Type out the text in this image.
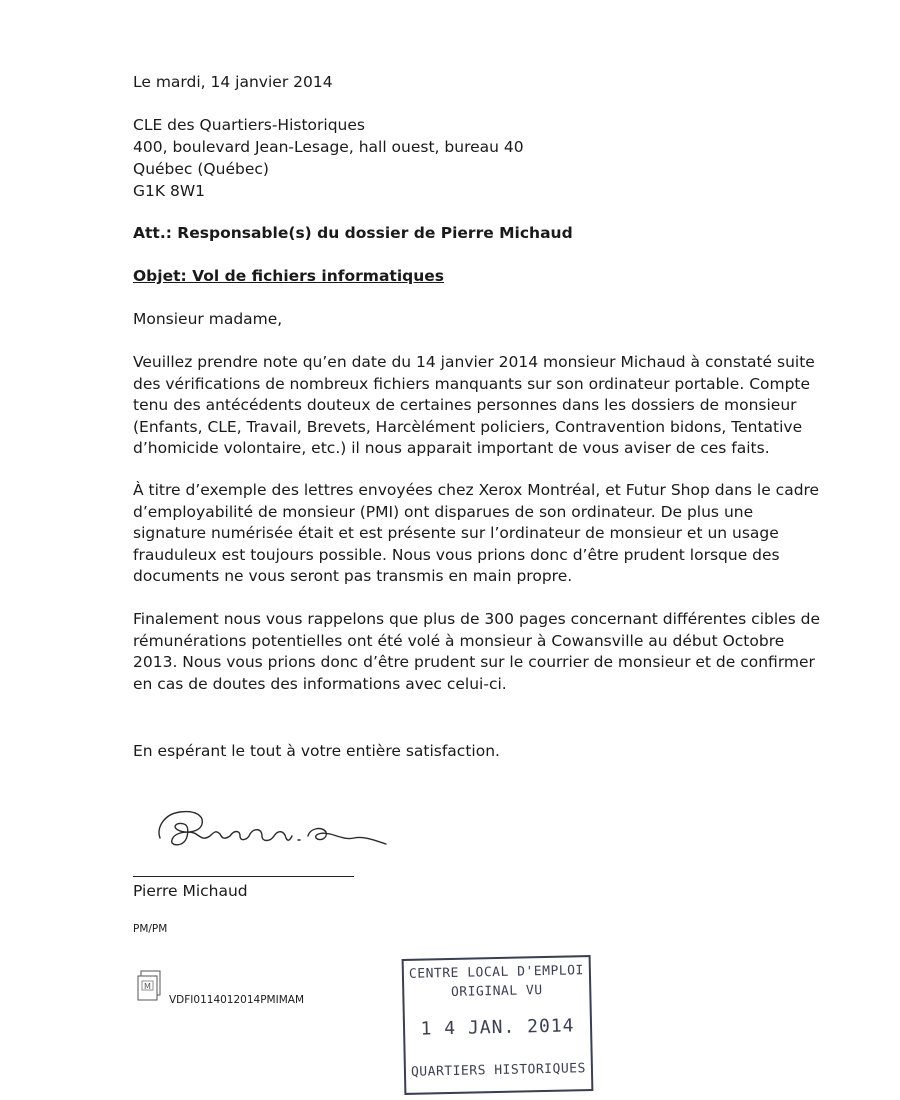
Le mardi, 14 janvier 2014
CLE des Quartiers-Historiques
400, boulevard Jean-Lesage, hall ouest, bureau 40
Québec (Québec)
G1K 8W1
Att.: Responsable(s) du dossier de Pierre Michaud
Objet: Vol de fichiers informatiques
Monsieur madame,
Veuillez prendre note qu’en date du 14 janvier 2014 monsieur Michaud à constaté suite
des vérifications de nombreux fichiers manquants sur son ordinateur portable. Compte
tenu des antécédents douteux de certaines personnes dans les dossiers de monsieur
(Enfants, CLE, Travail, Brevets, Harcèlément policiers, Contravention bidons, Tentative
d’homicide volontaire, etc.) il nous apparait important de vous aviser de ces faits.
À titre d’exemple des lettres envoyées chez Xerox Montréal, et Futur Shop dans le cadre
d’employabilité de monsieur (PMI) ont disparues de son ordinateur. De plus une
signature numérisée était et est présente sur l’ordinateur de monsieur et un usage
frauduleux est toujours possible. Nous vous prions donc d’être prudent lorsque des
documents ne vous seront pas transmis en main propre.
Finalement nous vous rappelons que plus de 300 pages concernant différentes cibles de
rémunérations potentielles ont été volé à monsieur à Cowansville au début Octobre
2013. Nous vous prions donc d’être prudent sur le courrier de monsieur et de confirmer
en cas de doutes des informations avec celui-ci.
En espérant le tout à votre entière satisfaction.
Pierre Michaud
PM/PM
M
VDFI0114012014PMIMAM
CENTRE LOCAL D'EMPLOI
ORIGINAL VU
1 4 JAN. 2014
QUARTIERS HISTORIQUES
